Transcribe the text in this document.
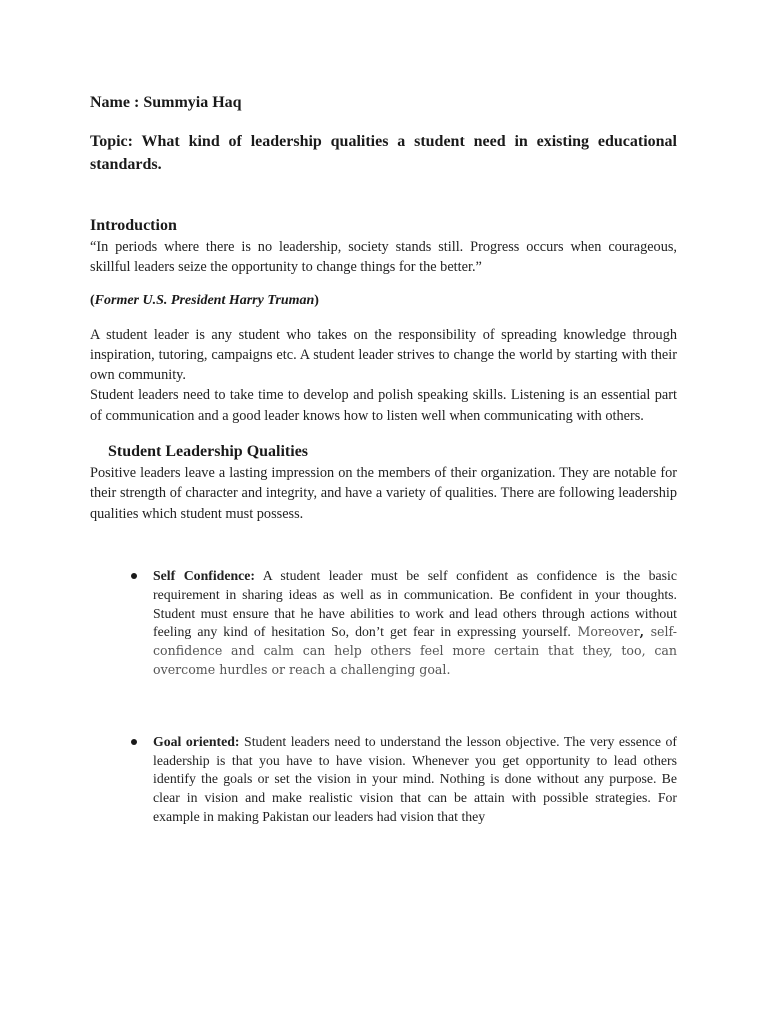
Name : Summyia Haq

Topic: What kind of leadership qualities a student need in existing educational standards.

Introduction

“In periods where there is no leadership, society stands still. Progress occurs when courageous, skillful leaders seize the opportunity to change things for the better.”

(Former U.S. President Harry Truman)

A student leader is any student who takes on the responsibility of spreading knowledge through inspiration, tutoring, campaigns etc. A student leader strives to change the world by starting with their own community.

Student leaders need to take time to develop and polish speaking skills. Listening is an essential part of communication and a good leader knows how to listen well when communicating with others.

Student Leadership Qualities

Positive leaders leave a lasting impression on the members of their organization. They are notable for their strength of character and integrity, and have a variety of qualities. There are following leadership qualities which student must possess.

Self Confidence: A student leader must be self confident as confidence is the basic requirement in sharing ideas as well as in communication. Be confident in your thoughts. Student must ensure that he have abilities to work and lead others through actions without feeling any kind of hesitation So, don’t get fear in expressing yourself. Moreover, self-confidence and calm can help others feel more certain that they, too, can overcome hurdles or reach a challenging goal.

Goal oriented: Student leaders need to understand the lesson objective. The very essence of leadership is that you have to have vision. Whenever you get opportunity to lead others identify the goals or set the vision in your mind. Nothing is done without any purpose. Be clear in vision and make realistic vision that can be attain with possible strategies. For example in making Pakistan our leaders had vision that they
